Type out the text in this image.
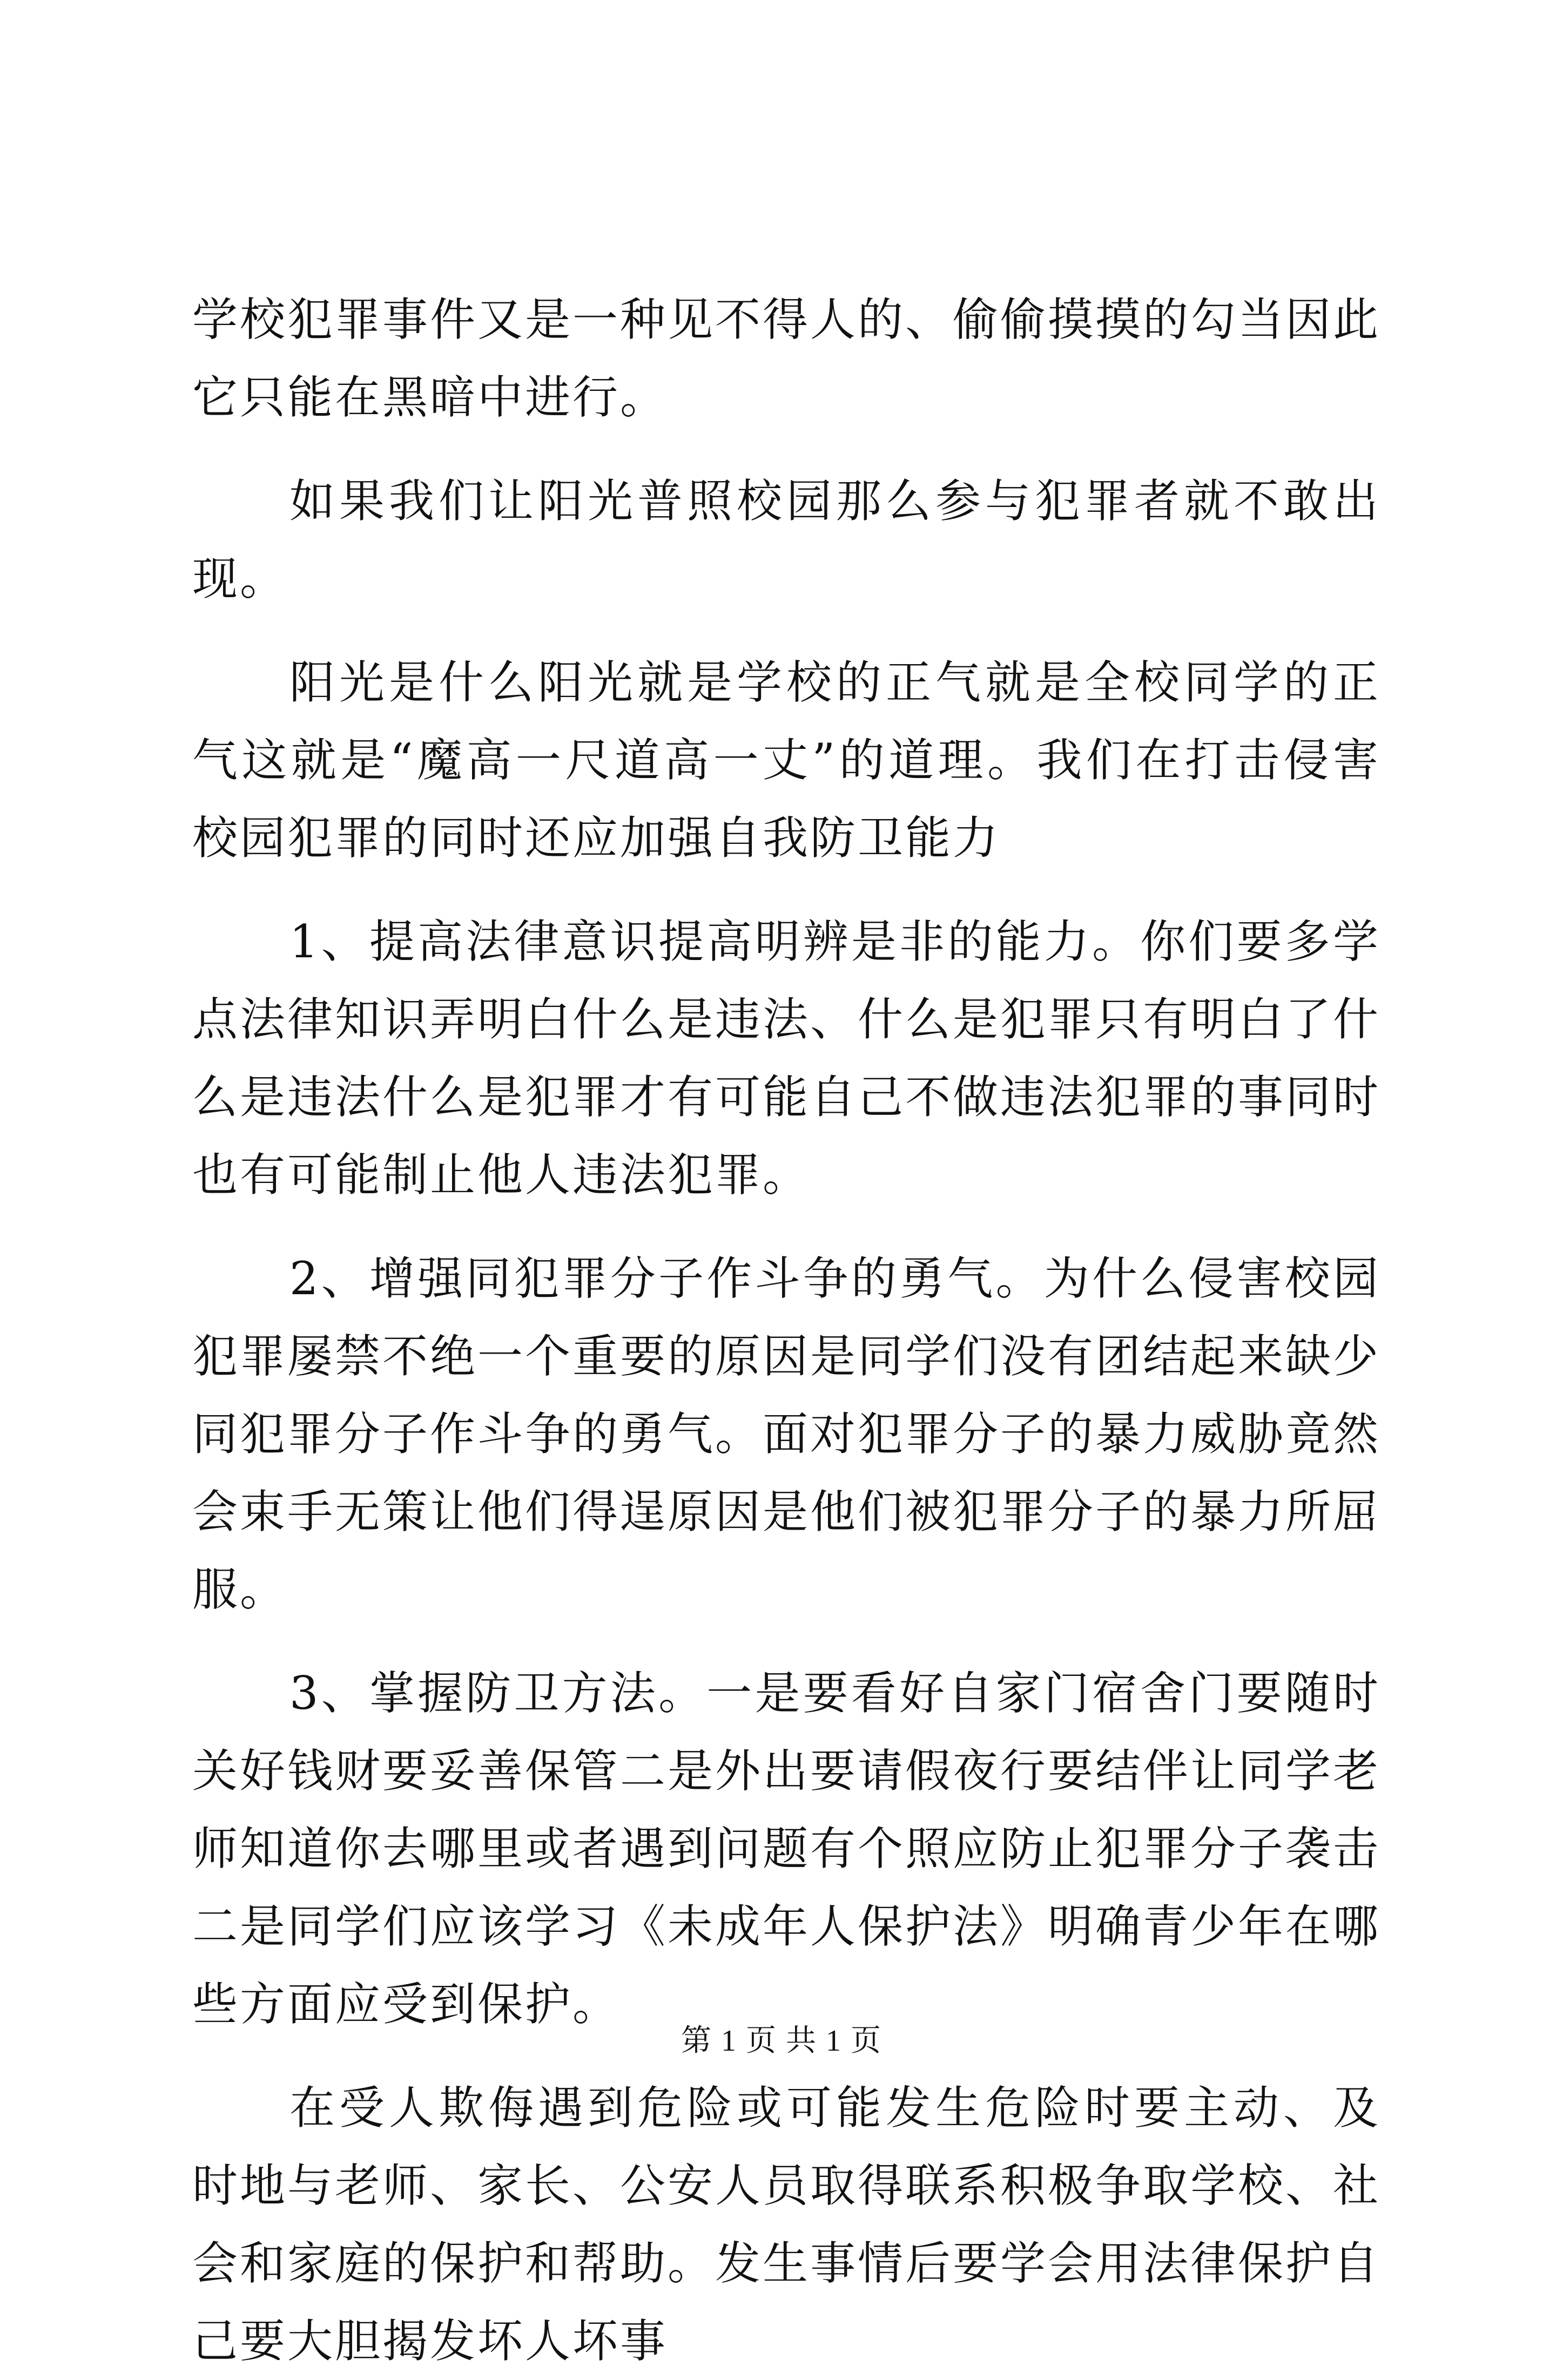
学校犯罪事件又是一种见不得人的、偷偷摸摸的勾当因此它只能在黑暗中进行。

如果我们让阳光普照校园那么参与犯罪者就不敢出现。

阳光是什么阳光就是学校的正气就是全校同学的正气这就是“魔高一尺道高一丈”的道理。我们在打击侵害校园犯罪的同时还应加强自我防卫能力

1、提高法律意识提高明辨是非的能力。你们要多学点法律知识弄明白什么是违法、什么是犯罪只有明白了什么是违法什么是犯罪才有可能自己不做违法犯罪的事同时也有可能制止他人违法犯罪。

2、增强同犯罪分子作斗争的勇气。为什么侵害校园犯罪屡禁不绝一个重要的原因是同学们没有团结起来缺少同犯罪分子作斗争的勇气。面对犯罪分子的暴力威胁竟然会束手无策让他们得逞原因是他们被犯罪分子的暴力所屈服。

3、掌握防卫方法。一是要看好自家门宿舍门要随时关好钱财要妥善保管二是外出要请假夜行要结伴让同学老师知道你去哪里或者遇到问题有个照应防止犯罪分子袭击二是同学们应该学习《未成年人保护法》明确青少年在哪些方面应受到保护。

在受人欺侮遇到危险或可能发生危险时要主动、及时地与老师、家长、公安人员取得联系积极争取学校、社会和家庭的保护和帮助。发生事情后要学会用法律保护自己要大胆揭发坏人坏事

第 1 页 共 1 页
